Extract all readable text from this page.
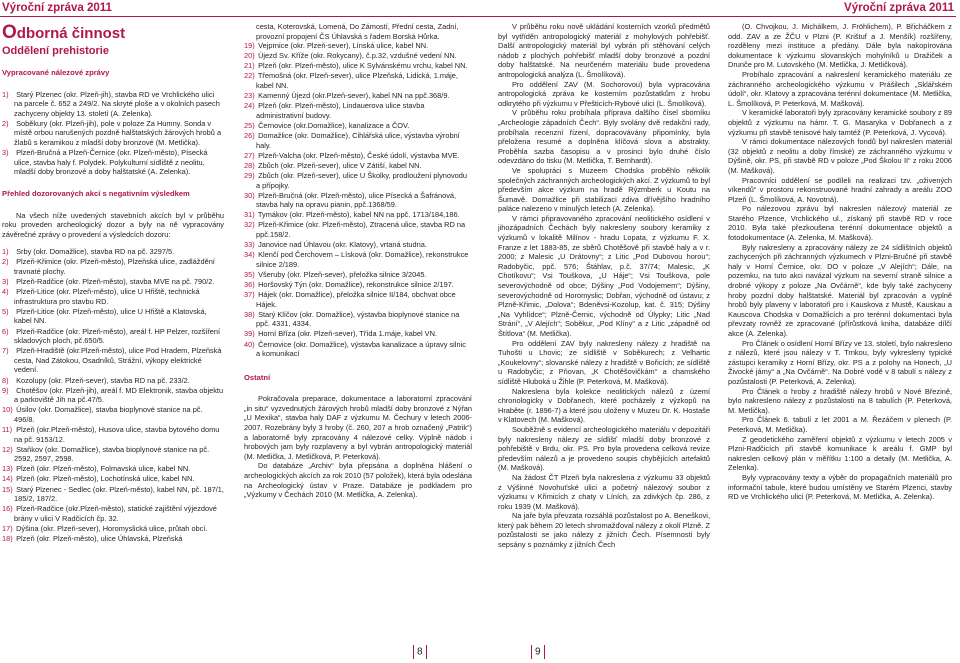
Výroční zpráva 2011
Odborná činnost
Oddělení prehistorie
Vypracované nálezové zprávy
1) Starý Plzenec (okr. Plzeň-jih), stavba RD ve Vrchlického ulici na parcele č. 652 a 249/2. Na skryté ploše a v okolních pasech zachyceny objekty 13. století (A. Zelenka).
2) Soběkury (okr. Plzeň-jih), pole v poloze Za Humny. Sonda v místě orbou narušených pozdně halštatských žárových hrobů a žlabů s keramikou z mladší doby bronzové (M. Metlička).
3) Plzeň-Bručná a Plzeň-Černice (okr. Plzeň-město), Písecká ulice, stavba haly f. Polydek. Polykulturní sídliště z neolitu, mladší doby bronzové a doby halštatské (A. Zelenka).
Přehled dozorovaných akcí s negativním výsledkem
Na všech níže uvedených stavebních akcích byl v průběhu roku proveden archeologický dozor a byly na ně vypracovány závěrečné zprávy o provedení a výsledcích dozoru:
1) Srby (okr. Domažlice), stavba RD na pč. 3297/5.
2) Plzeň-Křimice (okr. Plzeň-město), Plzeňská ulice, zadláždění travnaté plochy.
3) Plzeň-Radčice (okr. Plzeň-město), stavba MVE na pč. 790/2.
4) Plzeň-Litice (okr. Plzeň-město), ulice U Hřiště, technická infrastruktura pro stavbu RD.
5) Plzeň-Litice (okr. Plzeň-město), ulice U Hřiště a Klatovská, kabel NN.
6) Plzeň-Radčice (okr. Plzeň-město), areál f. HP Pelzer, rozšíření skladových ploch, pč.650/5.
7) Plzeň-Hradiště (okr.Plzeň-město), ulice Pod Hradem, Plzeňská cesta, Nad Zátokou, Osadníků, Strážní, výkopy elektrické vedení.
8) Kozolupy (okr. Plzeň-sever), stavba RD na pč. 233/2.
9) Chotěšov (okr. Plzeň-jih), areál f. MD Elektronik, stavba objektu a parkoviště Jih na pč.47/5.
10) Úsilov (okr. Domažlice), stavba bioplynové stanice na pč. 496/8.
11) Plzeň (okr.Plzeň-město), Husova ulice, stavba bytového domu na pč. 9153/12.
12) Staňkov (okr. Domažlice), stavba bioplynové stanice na pč. 2592, 2597, 2598.
13) Plzeň (okr. Plzeň-město), Folmavská ulice, kabel NN.
14) Plzeň (okr. Plzeň-město), Lochotínská ulice, kabel NN.
15) Starý Plzenec - Sedlec (okr. Plzeň-město), kabel NN, pč. 187/1, 185/2, 187/2.
16) Plzeň-Radčice (okr.Plzeň-město), statické zajištění výjezdové brány v ulici V Radčicích čp. 32.
17) Dýšina (okr. Plzeň-sever), Horomyslická ulice, průtah obcí.
18) Plzeň (okr. Plzeň-město), ulice Úhlavská, Plzeňská
cesta, Koterovská, Lomená, Do Zámostí, Přední cesta, Zadní, provozní propojení ČS Úhlavská s řadem Borská Hůrka.
19) Vejprnice (okr. Plzeň-sever), Línská ulice, kabel NN.
20) Újezd Sv. Kříže (okr. Rokycany), č.p.32, vzdušné vedení NN.
21) Plzeň (okr. Plzeň-město), ulice K Sylvánskému vrchu, kabel NN.
22) Třemošná (okr. Plzeň-sever), ulice Plzeňská, Lidická, 1.máje, kabel NN.
23) Kamenný Újezd (okr.Plzeň-sever), kabel NN na ppč.368/9.
24) Plzeň (okr. Plzeň-město), Lindauerova ulice stavba administrativní budovy.
25) Černovice (okr.Domažlice), kanalizace a ČOV.
26) Domažlice (okr. Domažlice), Cihlářská ulice, výstavba výrobní haly.
27) Plzeň-Valcha (okr. Plzeň-město), České údolí, výstavba MVE.
28) Zbůch (okr. Plzeň-sever), ulice V Zátiší, kabel NN.
29) Zbůch (okr. Plzeň-sever), ulice U Školky, prodloužení plynovodu a přípojky.
30) Plzeň-Bručná (okr. Plzeň-město), ulice Písecká a Šafránová, stavba haly na opravu pianin, ppč.1368/59.
31) Tymákov (okr. Plzeň-město), kabel NN na ppč. 1713/184,186.
32) Plzeň-Křimice (okr. Plzeň-město), Ztracená ulice, stavba RD na ppč.158/2.
33) Janovice nad Úhlavou (okr. Klatovy), vrtaná studna.
34) Klenčí pod Čerchovem – Lísková (okr. Domažlice), rekonstrukce silnice 2/189.
35) Všeruby (okr. Plzeň-sever), přeložka silnice 3/2045.
36) Horšovský Týn (okr. Domažlice), rekonstrukce silnice 2/197.
37) Hájek (okr. Domažlice), přeložka silnice II/184, obchvat obce Hájek.
38) Starý Klíčov (okr. Domažlice), výstavba bioplynové stanice na ppč. 4331, 4334.
39) Horní Bříza (okr. Plzeň-sever), Třída 1.máje, kabel VN.
40) Černovice (okr. Domažlice), výstavba kanalizace a úpravy silnic a komunikací
Ostatní
Pokračovala preparace, dokumentace a laboratorní zpracování „in situ“ vyzvednutých žárových hrobů mladší doby bronzové z Nýřan „U Mexika“, stavba haly DAF z výzkumu M. Čechury v letech 2006-2007. Rozebrány byly 3 hroby (č. 260, 207 a hrob označený „Patrik“) a laboratorně byly zpracovány 4 nálezové celky. Výplně nádob i hrobových jam byly rozplaveny a byl vybrán antropologický materiál (M. Metlička, J. Metličková, P. Peterková).
Do databáze „Archiv“ byla přepsána a doplněna hlášení o archeologických akcích za rok 2010 (57 položek), která byla odeslána na Archeologický ústav v Praze. Databáze je podkladem pro „Výzkumy v Čechách 2010 (M. Metlička, A. Zelenka).
8
Výroční zpráva 2011
V průběhu roku nově ukládání kosterních vzorků předmětů byl vytříděn antropologický materiál z mohylových pohřebišť. Další antropologický materiál byl vybrán při stěhování celých nádob z plochých pohřebišť mladší doby bronzové a pozdní doby halštatské. Na neurčeném materiálu bude provedena antropologická analýza (L. Šmolíková).
Pro oddělení ZAV (M. Sochorovou) byla vypracována antropologická zpráva ke kosterním pozůstatkům z hrobu odkrytého při výzkumu v Přešticích-Rybové ulici (L. Šmolíková).
V průběhu roku probíhala příprava dalšího čísel sborníku „Archeologie západních Čech“. Byly svolány dvě redakční rady, probíhala recenzní řízení, dopracovávány připomínky, byla přeložena resumé a doplněna klíčová slova a abstrakty. Proběhla sazba časopisu a v prosinci bylo druhé číslo odevzdáno do tisku (M. Metlička, T. Bernhardt).
Ve spolupráci s Muzeem Chodska proběhlo několik společných záchranných archeologických akcí. Z výzkumů to byl především akce výzkum na hradě Rýzmberk u Koutu na Šumavě. Domažlice při stabilizaci zdiva dřívějšího hradního paláce nalezeno v minulých letech (A. Zelenka).
V rámci připravovaného zpracování neolitického osídlení v jihozápadních Čechách byly nakresleny soubory keramiky z výzkumů v lokalitě Milínov - hradu Lopata, z výzkumu F. X. Franze z let 1883-85, ze sběrů Chotěšově při stavbě haly a v r. 2000; z Malesic „U Drátovny“; z Litic „Pod Dubovou horou“; Radobyčic, ppč. 576; Štáhlav, p.č. 37/74; Malesic, „K Chotíkovu“; Vsi Touškova, „U Háje“; Vsi Touškova, pole severovýchodně od obce; Dýšiny „Pod Vodojemem“; Dýšiny, severovýchodně od Horomyslic; Dobřan, východně od ústavu; z Plzně-Křimic, „Dolova“; Bdeněvsi-Kozolup, kat. č. 315; Dýšiny „Na Vyhlídce“; Plzně-Černic, východně od Úlypky; Litic „Nad Strání“, „V Alejích“; Soběkur, „Pod Klíny“ a z Litic „západně od Štítlova“ (M. Metlička).
Pro oddělení ZAV byly nakresleny nálezy z hradiště na Tuhošti u Lhovic; ze sídliště v Soběkurech; z Velhartic „Koukelovny“; slovanské nálezy z hradiště v Bořicích; ze sídliště u Radobyčic; z Pňovan, „K Chotěšovičkám“ a chamského sídliště Hluboká u Žihle (P. Peterková, M. Mašková).
Nakreslena byla kolekce neolitických nálezů z území chronologicky v Dobřanech, které pocházely z výzkopů na Hraběte (r. 1896-7) a které jsou uloženy v Muzeu Dr. K. Hostaše v Klatovech (M. Mašková).
Souběžně s evidencí archeologického materiálu v depozitáři byly nakresleny nálezy ze sídlišť mladší doby bronzové z pohřebiště v Brdu, okr. PS. Pro byla provedena celková revize především nálezů a je provedeno soupis chybějících artefaktů (M. Mašková).
Na žádost ČT Plzeň byla nakreslena z výzkumu 33 objektů z Výšinné Novohuťské ulici a početný nálezový soubor z výzkumu v Křimicích z chaty v Líních, za zdivkých čp. 286, z roku 1939 (M. Mašková).
Na jaře byla převzata rozsáhlá pozůstalost po A. Beneškovi, který pak během 20 letech shromažďoval nálezy z okolí Plzně. Z pozůstalosti se jako nálezy z jižních Čech. Písemnosti byly sepsány s poznámky z jižních Čech
(O. Chvojkou, J. Michálkem, J. Fröhlichem), P. Břicháčkem z odd. ZAV a ze ŽČU v Plzni (P. Krištuf a J. Menšík) rozšířeny, rozděleny mezi instituce a předány. Dále byla nakopírována dokumentace k výzkumu slovanských mohylníků u Dražiček a Drunče pro M. Lutovského (M. Metlička, J. Metličková).
Probíhalo zpracování a nakreslení keramického materiálu ze záchranného archeologického výzkumu v Prášilech „Sklářském údolí“, okr. Klatovy a zpracována terénní dokumentace (M. Metlička, L. Šmolíková, P. Peterková, M. Mašková).
V keramické laboratoři byly zpracovány keramické soubory z 89 objektů z výzkumu na hámr. T. G. Masaryka v Dobřanech a z výzkumu při stavbě tenisové haly tamtéž (P. Peterková, J. Vycová).
V rámci dokumentace nálezových fondů byl nakreslen materiál (32 objektů z neolitu a doby římské) ze záchranného výzkumu v Dýšině, okr. PS, při stavbě RD v poloze „Pod Školou II“ z roku 2006 (M. Mašková).
Pracovníci oddělení se podíleli na realizaci tzv. „oživených víkendů“ v prostoru rekonstruované hradní zahrady a areálu ZOO Plzeň (L. Šmolíková, A. Novotná).
Po nálezovou zprávu byl nakreslen nálezový materiál ze Starého Plzence, Vrchlického ul., získaný při stavbě RD v roce 2010. Byla také přezkoušena terénní dokumentace objektů a fotodokumentace (A. Zelenka, M. Mašková).
Byly nakresleny a zpracovány nálezy ze 24 sídlištních objektů zachycených při záchranných výzkumech v Plzni-Bručné při stavbě haly v Horní Černice, okr. DO v poloze „V Alejích“; Dále, na pozemku, na tuto akci navázal výzkum na severní straně silnice a drobné výkopy z poloze „Na Ovčárně“, kde byly také zachyceny hroby pozdní doby halštatské. Materiál byl zpracován a vyplně hrobů byly plaveny v laboratoři pro i Kauskova z Mustě, Kauskau a Kauscova Chodska v Domažlicích a pro terénní dokumentaci byla převzaty rovněž ze zpracované (přírůstková kniha, databáze dílčí akce (A. Zelenka).
Pro Článek o osídlení Horní Břízy ve 13. století, bylo nakresleno z nálezů, které jsou nálezy v T. Trnkou, byly vykresleny typické zástupci keramiky z Horní Břízy, okr. PS a z polohy na Honech, „U Živocké jámy“ a „Na Ovčárně“. Na Dobré vodě v 8 tabulí s nálezy z pozůstalosti (P. Peterková, A. Zelenka).
Pro Článek o hroby z hradiště nálezy hrobů v Nové Březině, bylo nakresleno nálezy z pozůstalosti na 8 tabulích (P. Peterková, M. Metlička).
Pro Článek 6. tabulí z let 2001 a M. Řezáčem v plenech (P. Peterková, M. Metlička).
Z geodetického zaměření objektů z výzkumu v letech 2005 v Plzni-Radčicích při stavbě komunikace k areálu f. GMP byl nakreslen celkový plán v měřítku 1:100 a detaily (M. Metlička, A. Zelenka).
Byly vypracovány texty a výběr do propagačních materiálů pro informační tabule, které budou umístěny ve Starém Plzenci, stavby RD ve Vrchlického ulici (P. Peterková, M. Metlička, A. Zelenka).
9
